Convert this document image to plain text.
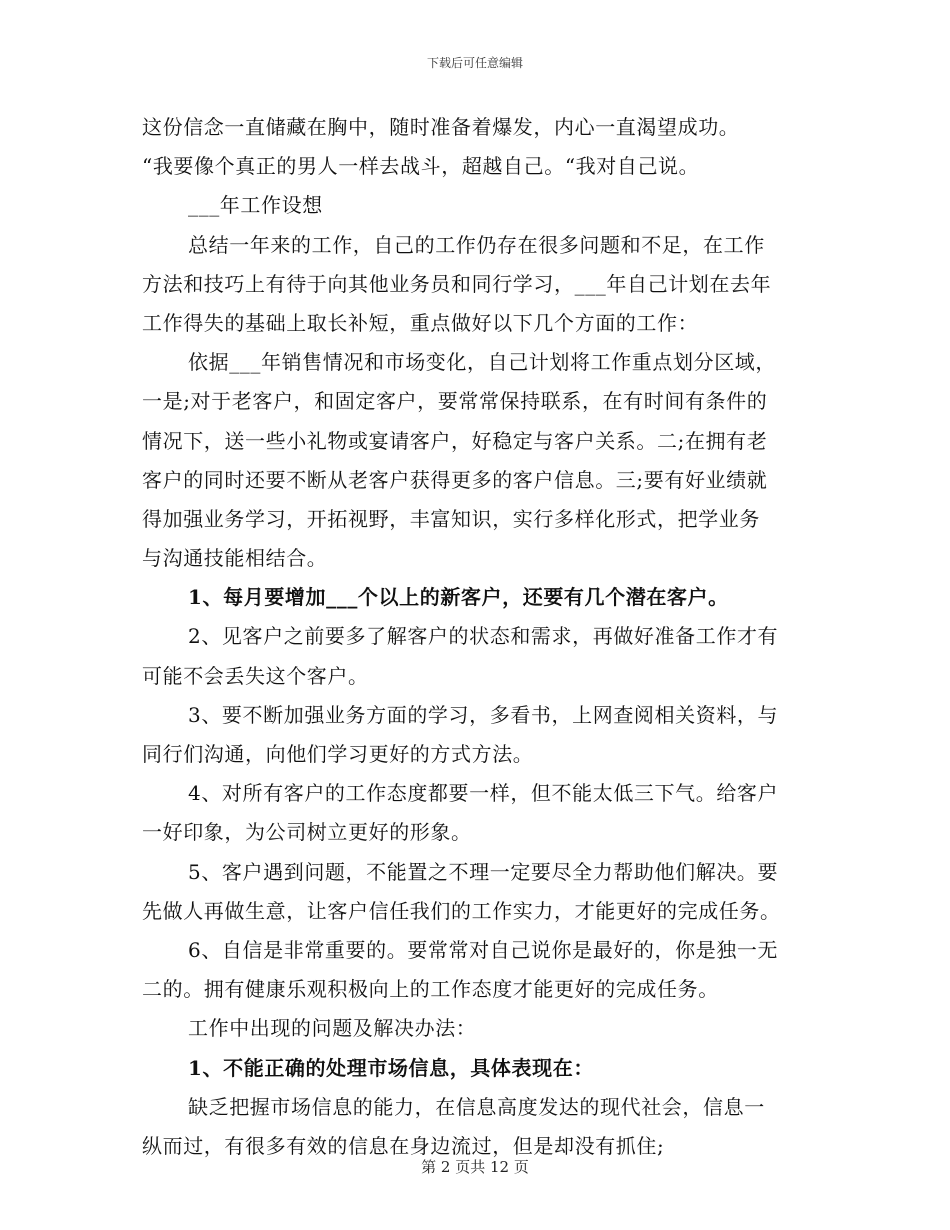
下载后可任意编辑
这份信念一直储藏在胸中，随时准备着爆发，内心一直渴望成功。
“我要像个真正的男人一样去战斗，超越自己。“我对自己说。
___年工作设想
总结一年来的工作，自己的工作仍存在很多问题和不足，在工作
方法和技巧上有待于向其他业务员和同行学习，___年自己计划在去年
工作得失的基础上取长补短，重点做好以下几个方面的工作：
依据___年销售情况和市场变化，自己计划将工作重点划分区域，
一是;对于老客户，和固定客户，要常常保持联系，在有时间有条件的
情况下，送一些小礼物或宴请客户，好稳定与客户关系。二;在拥有老
客户的同时还要不断从老客户获得更多的客户信息。三;要有好业绩就
得加强业务学习，开拓视野，丰富知识，实行多样化形式，把学业务
与沟通技能相结合。
1、每月要增加___个以上的新客户，还要有几个潜在客户。
2、见客户之前要多了解客户的状态和需求，再做好准备工作才有
可能不会丢失这个客户。
3、要不断加强业务方面的学习，多看书，上网查阅相关资料，与
同行们沟通，向他们学习更好的方式方法。
4、对所有客户的工作态度都要一样，但不能太低三下气。给客户
一好印象，为公司树立更好的形象。
5、客户遇到问题，不能置之不理一定要尽全力帮助他们解决。要
先做人再做生意，让客户信任我们的工作实力，才能更好的完成任务。
6、自信是非常重要的。要常常对自己说你是最好的，你是独一无
二的。拥有健康乐观积极向上的工作态度才能更好的完成任务。
工作中出现的问题及解决办法：
1、不能正确的处理市场信息，具体表现在：
缺乏把握市场信息的能力，在信息高度发达的现代社会，信息一
纵而过，有很多有效的信息在身边流过，但是却没有抓住;
第 2 页共 12 页
